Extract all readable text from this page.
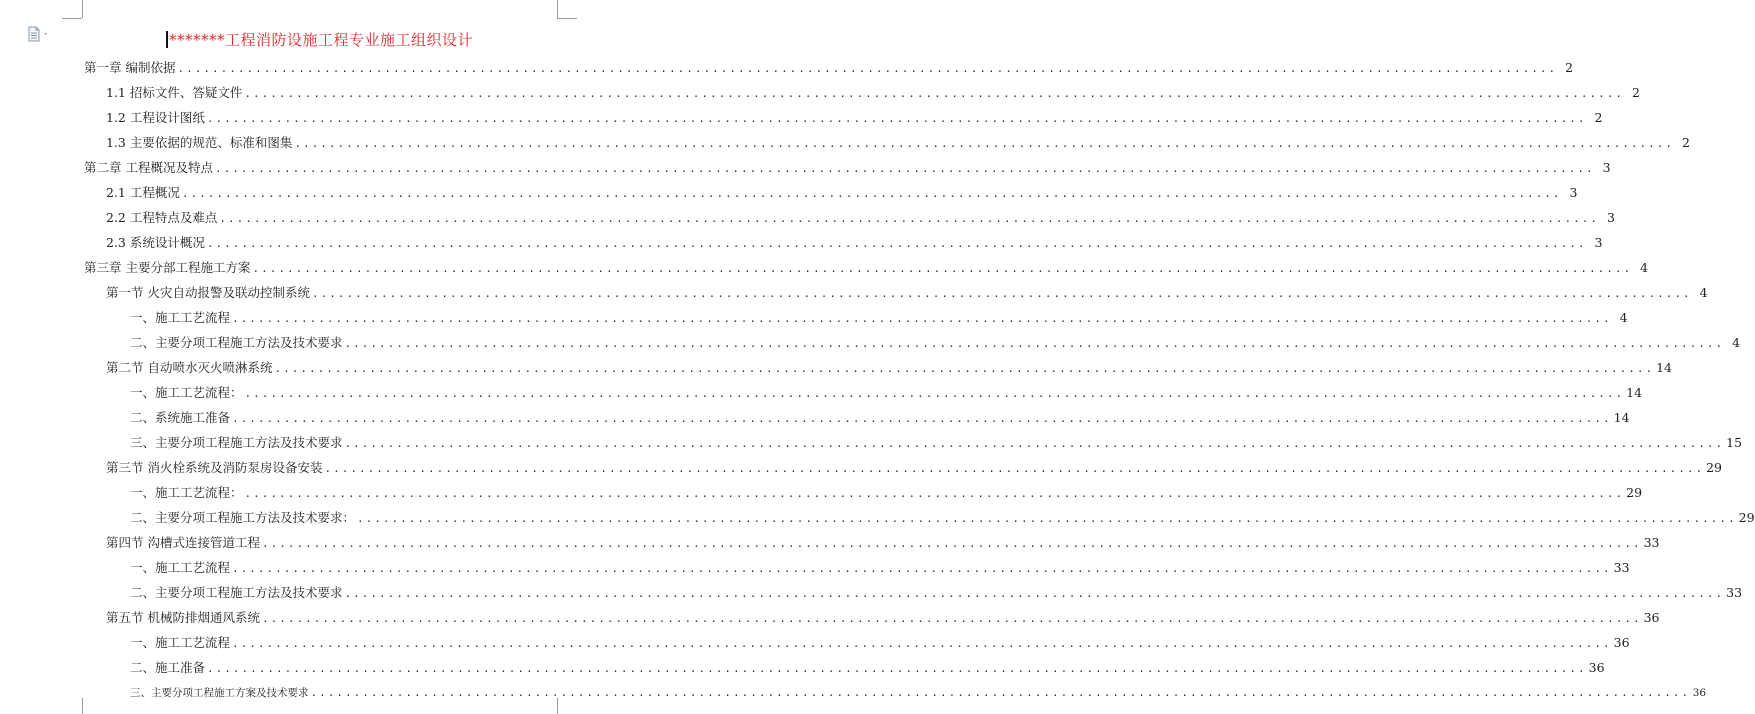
*******工程消防设施工程专业施工组织设计
第一章 编制依据 ................................................................................................................................................................ 2
1.1 招标文件、答疑文件 ................................................................................................................................................................ 2
1.2 工程设计图纸 ................................................................................................................................................................ 2
1.3 主要依据的规范、标准和图集 ................................................................................................................................................................ 2
第二章 工程概况及特点 ................................................................................................................................................................ 3
2.1 工程概况 ................................................................................................................................................................ 3
2.2 工程特点及难点 ................................................................................................................................................................ 3
2.3 系统设计概况 ................................................................................................................................................................ 3
第三章 主要分部工程施工方案 ................................................................................................................................................................ 4
第一节 火灾自动报警及联动控制系统 ................................................................................................................................................................ 4
一、施工工艺流程 ................................................................................................................................................................ 4
二、主要分项工程施工方法及技术要求 ................................................................................................................................................................ 4
第二节 自动喷水灭火喷淋系统 ................................................................................................................................................................ 14
一、施工工艺流程： ................................................................................................................................................................ 14
二、系统施工准备 ................................................................................................................................................................ 14
三、主要分项工程施工方法及技术要求 ................................................................................................................................................................ 15
第三节 消火栓系统及消防泵房设备安装 ................................................................................................................................................................ 29
一、施工工艺流程： ................................................................................................................................................................ 29
二、主要分项工程施工方法及技术要求： ................................................................................................................................................................ 29
第四节 沟槽式连接管道工程 ................................................................................................................................................................ 33
一、施工工艺流程 ................................................................................................................................................................ 33
二、主要分项工程施工方法及技术要求 ................................................................................................................................................................ 33
第五节 机械防排烟通风系统 ................................................................................................................................................................ 36
一、施工工艺流程 ................................................................................................................................................................ 36
二、施工准备 ................................................................................................................................................................ 36
三、主要分项工程施工方案及技术要求 ................................................................................................................................................................ 36
